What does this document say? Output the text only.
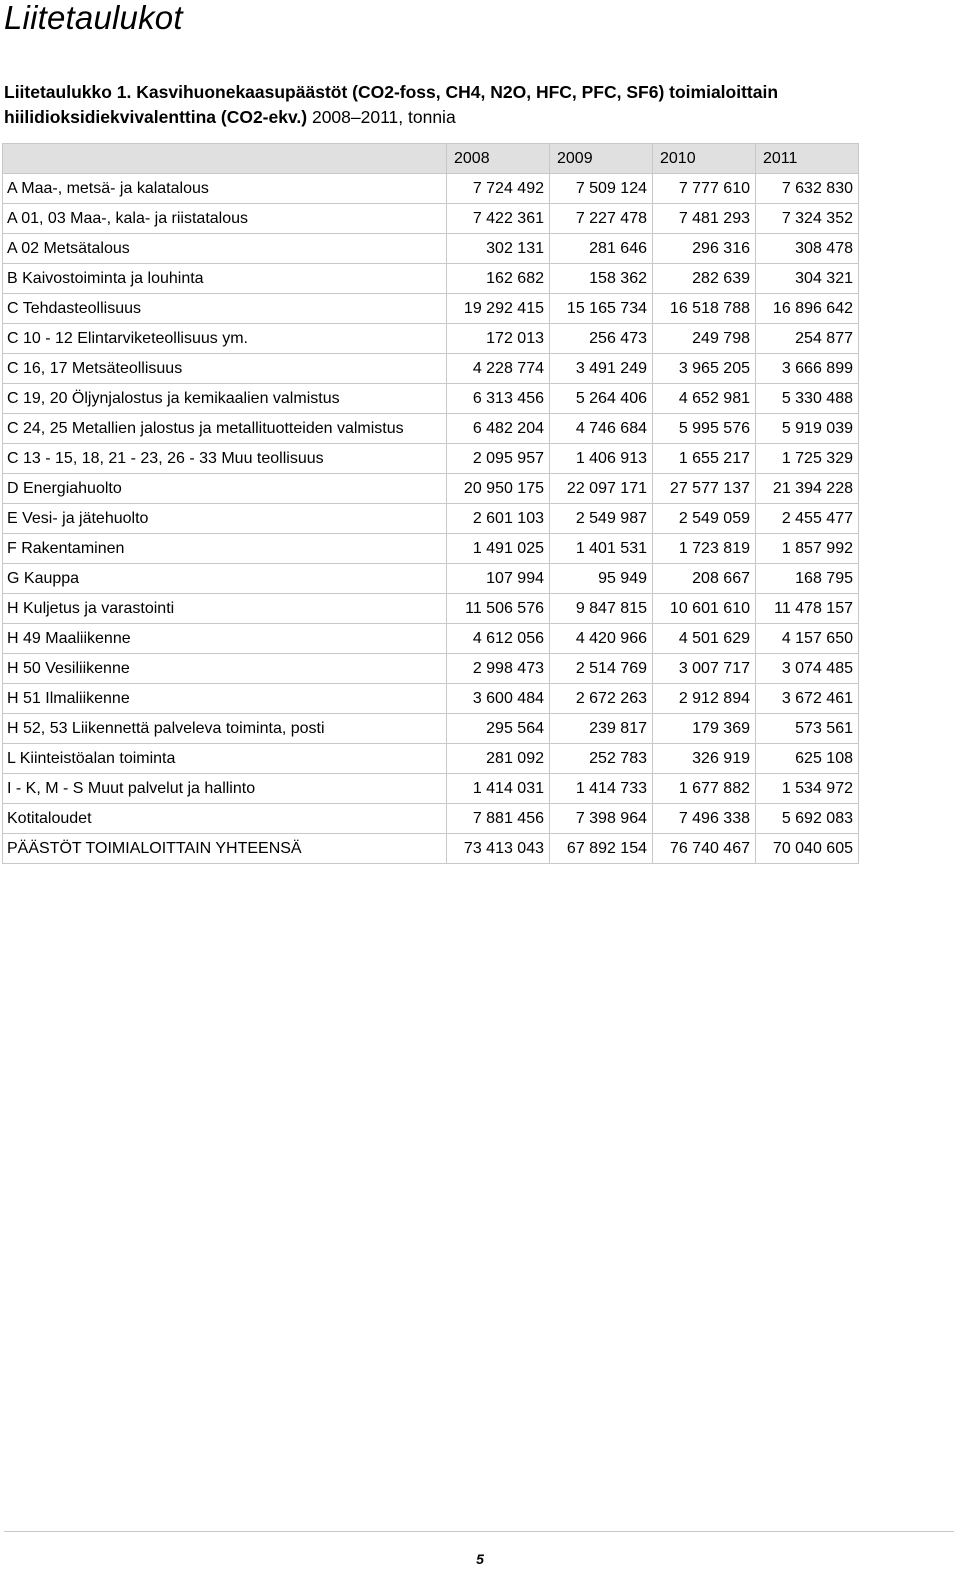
Liitetaulukot

Liitetaulukko 1. Kasvihuonekaasupäästöt (CO2-foss, CH4, N2O, HFC, PFC, SF6) toimialoittain hiilidioksidiekvivalenttina (CO2-ekv.) 2008–2011, tonnia

	2008	2009	2010	2011
A Maa-, metsä- ja kalatalous	7 724 492	7 509 124	7 777 610	7 632 830
A 01, 03 Maa-, kala- ja riistatalous	7 422 361	7 227 478	7 481 293	7 324 352
A 02 Metsätalous	302 131	281 646	296 316	308 478
B Kaivostoiminta ja louhinta	162 682	158 362	282 639	304 321
C Tehdasteollisuus	19 292 415	15 165 734	16 518 788	16 896 642
C 10 - 12 Elintarviketeollisuus ym.	172 013	256 473	249 798	254 877
C 16, 17 Metsäteollisuus	4 228 774	3 491 249	3 965 205	3 666 899
C 19, 20 Öljynjalostus ja kemikaalien valmistus	6 313 456	5 264 406	4 652 981	5 330 488
C 24, 25 Metallien jalostus ja metallituotteiden valmistus	6 482 204	4 746 684	5 995 576	5 919 039
C 13 - 15, 18, 21 - 23, 26 - 33 Muu teollisuus	2 095 957	1 406 913	1 655 217	1 725 329
D Energiahuolto	20 950 175	22 097 171	27 577 137	21 394 228
E Vesi- ja jätehuolto	2 601 103	2 549 987	2 549 059	2 455 477
F Rakentaminen	1 491 025	1 401 531	1 723 819	1 857 992
G Kauppa	107 994	95 949	208 667	168 795
H Kuljetus ja varastointi	11 506 576	9 847 815	10 601 610	11 478 157
H 49 Maaliikenne	4 612 056	4 420 966	4 501 629	4 157 650
H 50 Vesiliikenne	2 998 473	2 514 769	3 007 717	3 074 485
H 51 Ilmaliikenne	3 600 484	2 672 263	2 912 894	3 672 461
H 52, 53 Liikennettä palveleva toiminta, posti	295 564	239 817	179 369	573 561
L Kiinteistöalan toiminta	281 092	252 783	326 919	625 108
I - K, M - S Muut palvelut ja hallinto	1 414 031	1 414 733	1 677 882	1 534 972
Kotitaloudet	7 881 456	7 398 964	7 496 338	5 692 083
PÄÄSTÖT TOIMIALOITTAIN YHTEENSÄ	73 413 043	67 892 154	76 740 467	70 040 605
5
